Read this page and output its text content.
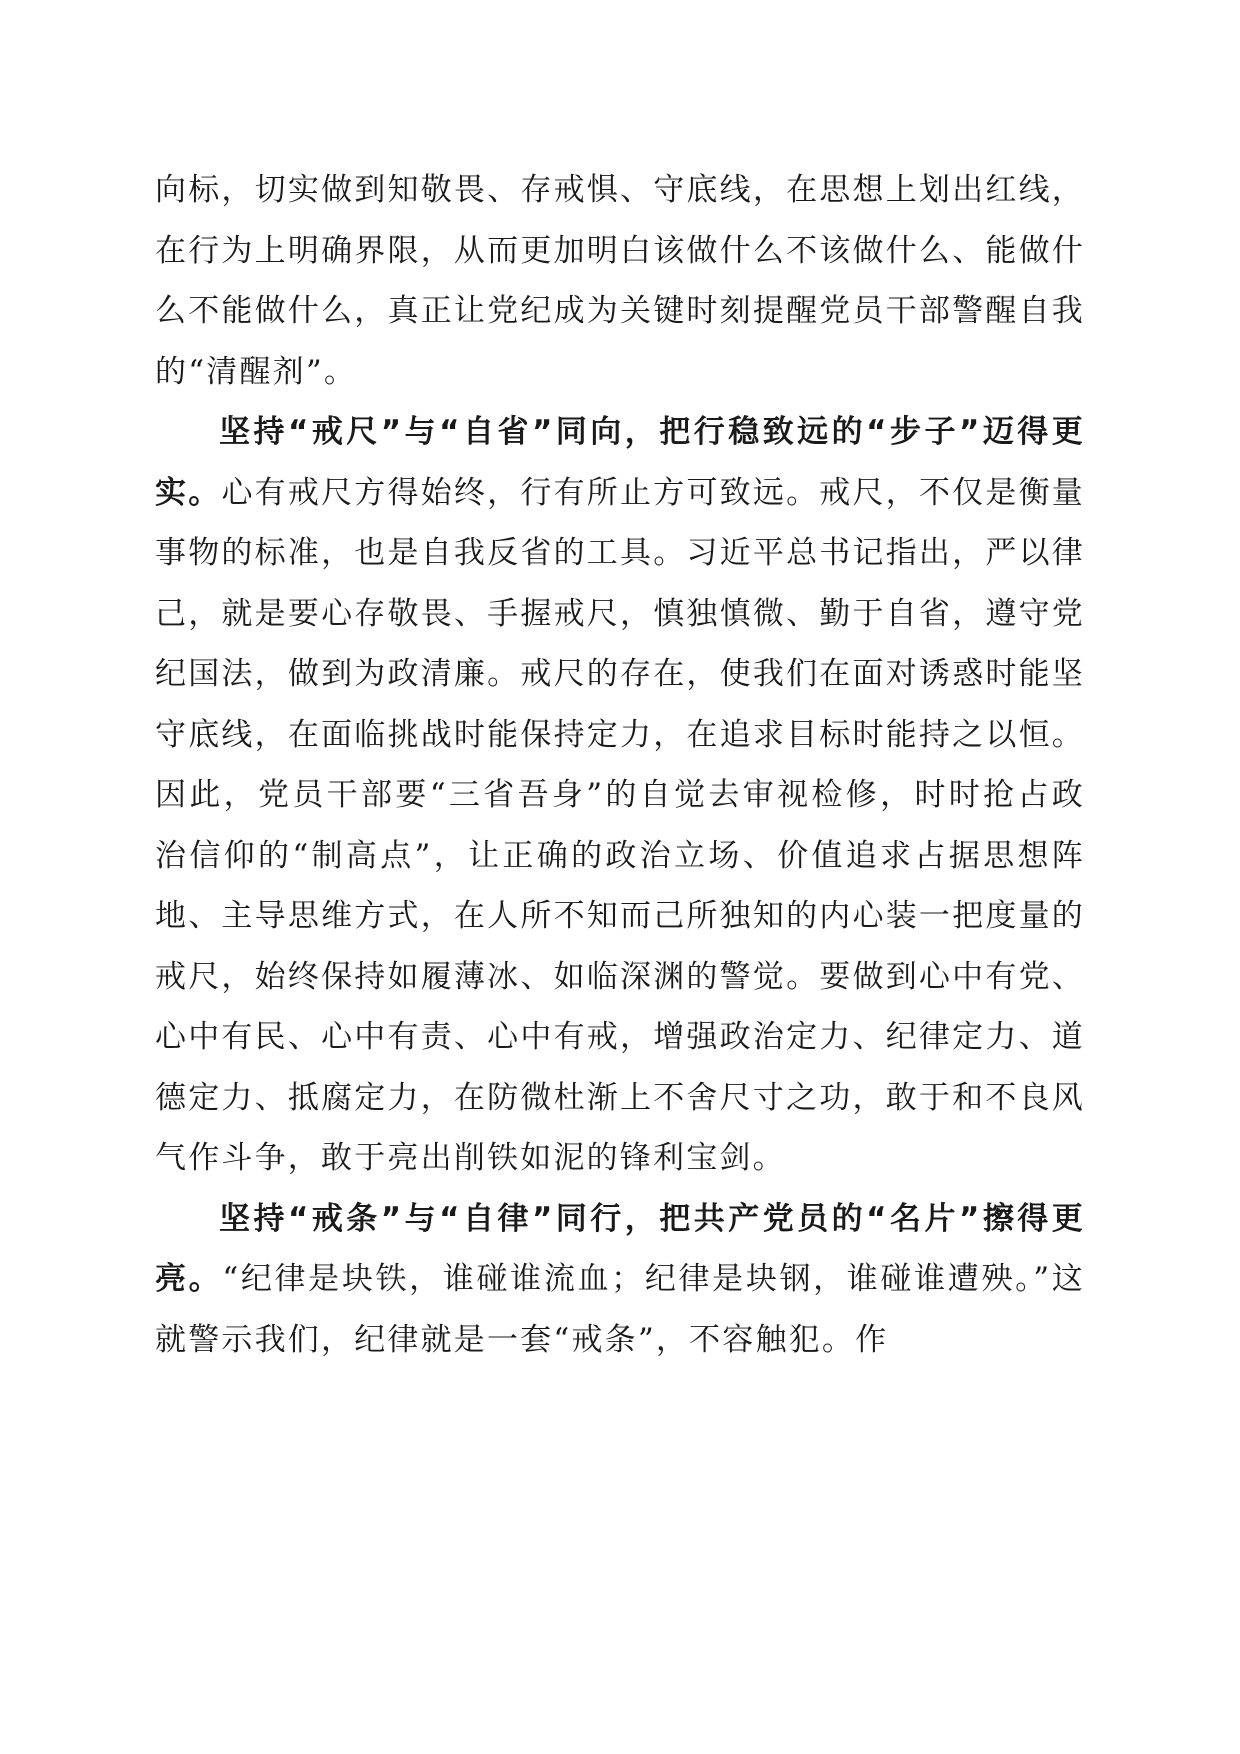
向标，切实做到知敬畏、存戒惧、守底线，在思想上划出红线，在行为上明确界限，从而更加明白该做什么不该做什么、能做什么不能做什么，真正让党纪成为关键时刻提醒党员干部警醒自我的“清醒剂”。

坚持“戒尺”与“自省”同向，把行稳致远的“步子”迈得更实。心有戒尺方得始终，行有所止方可致远。戒尺，不仅是衡量事物的标准，也是自我反省的工具。习近平总书记指出，严以律己，就是要心存敬畏、手握戒尺，慎独慎微、勤于自省，遵守党纪国法，做到为政清廉。戒尺的存在，使我们在面对诱惑时能坚守底线，在面临挑战时能保持定力，在追求目标时能持之以恒。因此，党员干部要“三省吾身”的自觉去审视检修，时时抢占政治信仰的“制高点”，让正确的政治立场、价值追求占据思想阵地、主导思维方式，在人所不知而己所独知的内心装一把度量的戒尺，始终保持如履薄冰、如临深渊的警觉。要做到心中有党、心中有民、心中有责、心中有戒，增强政治定力、纪律定力、道德定力、抵腐定力，在防微杜渐上不舍尺寸之功，敢于和不良风气作斗争，敢于亮出削铁如泥的锋利宝剑。

坚持“戒条”与“自律”同行，把共产党员的“名片”擦得更亮。“纪律是块铁，谁碰谁流血；纪律是块钢，谁碰谁遭殃。”这就警示我们，纪律就是一套“戒条”，不容触犯。作
